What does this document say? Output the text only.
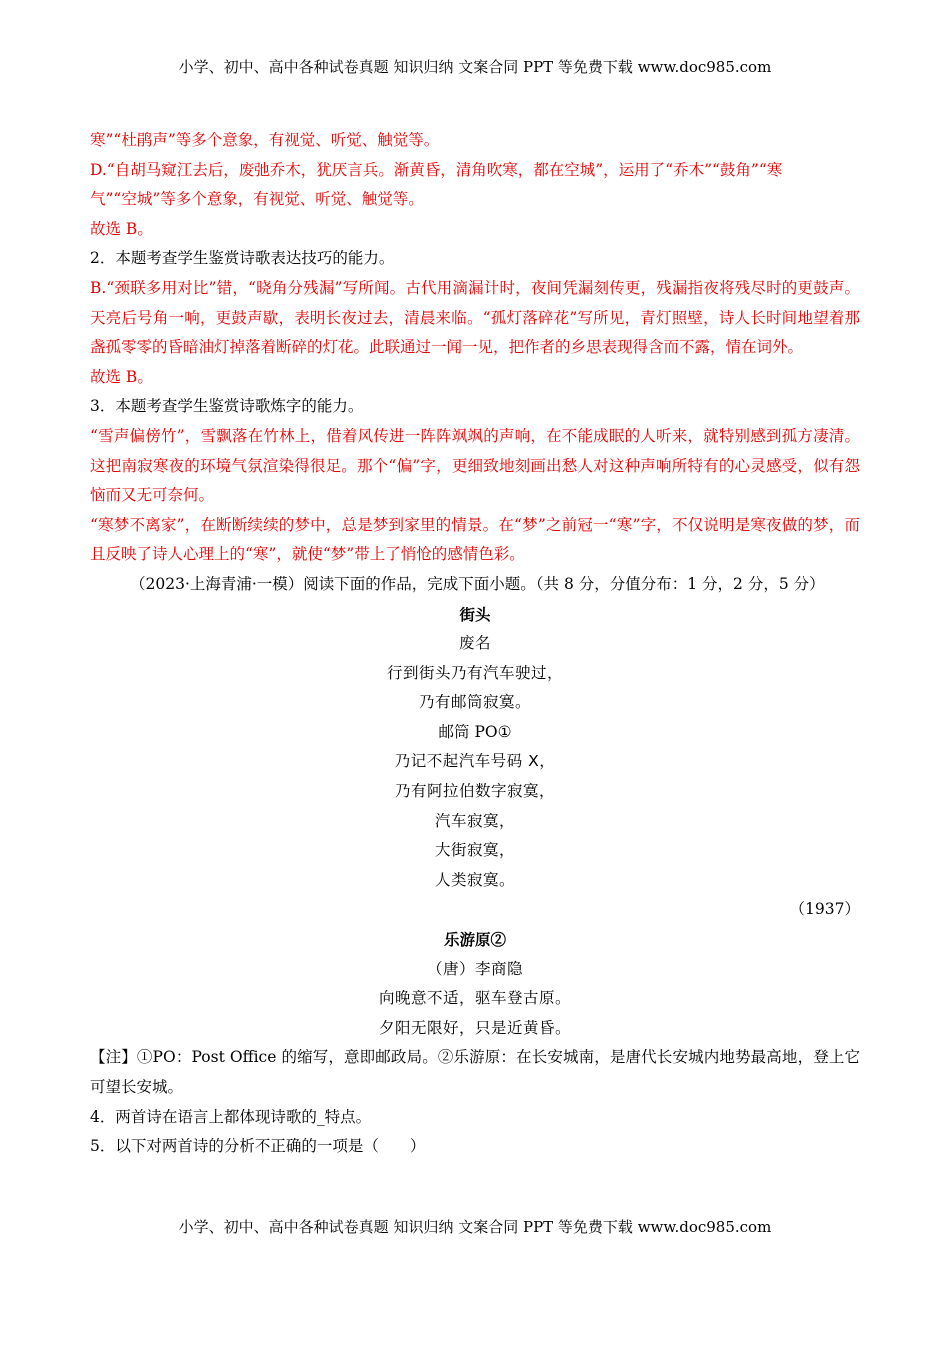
小学、初中、高中各种试卷真题 知识归纳 文案合同 PPT 等免费下载 www.doc985.com
寒”“杜鹃声”等多个意象，有视觉、听觉、触觉等。
D.“自胡马窥江去后，废弛乔木，犹厌言兵。渐黄昏，清角吹寒，都在空城”，运用了“乔木”“鼓角”“寒
气”“空城”等多个意象，有视觉、听觉、触觉等。
故选 B。
2．本题考查学生鉴赏诗歌表达技巧的能力。
B.“颈联多用对比”错，“晓角分残漏”写所闻。古代用滴漏计时，夜间凭漏刻传更，残漏指夜将残尽时的更鼓声。天亮后号角一响，更鼓声歇，表明长夜过去，清晨来临。“孤灯落碎花”写所见，青灯照壁，诗人长时间地望着那盏孤零零的昏暗油灯掉落着断碎的灯花。此联通过一闻一见，把作者的乡思表现得含而不露，情在词外。
故选 B。
3．本题考查学生鉴赏诗歌炼字的能力。
“雪声偏傍竹”，雪飘落在竹林上，借着风传进一阵阵飒飒的声响，在不能成眠的人听来，就特别感到孤方凄清。这把南寂寒夜的环境气氛渲染得很足。那个“偏”字，更细致地刻画出愁人对这种声响所特有的心灵感受，似有怨恼而又无可奈何。
“寒梦不离家”，在断断续续的梦中，总是梦到家里的情景。在“梦”之前冠一“寒”字，不仅说明是寒夜做的梦，而且反映了诗人心理上的“寒”，就使“梦”带上了悄怆的感情色彩。
（2023·上海青浦·一模）阅读下面的作品，完成下面小题。（共 8 分，分值分布：1 分，2 分，5 分）
街头
废名
行到街头乃有汽车驶过，
乃有邮筒寂寞。
邮筒 PO①
乃记不起汽车号码 X，
乃有阿拉伯数字寂寞，
汽车寂寞，
大街寂寞，
人类寂寞。
（1937）
乐游原②
（唐）李商隐
向晚意不适，驱车登古原。
夕阳无限好，只是近黄昏。
【注】①PO：Post Office 的缩写，意即邮政局。②乐游原：在长安城南，是唐代长安城内地势最高地，登上它可望长安城。
4．两首诗在语言上都体现诗歌的_特点。
5．以下对两首诗的分析不正确的一项是（　　）
小学、初中、高中各种试卷真题 知识归纳 文案合同 PPT 等免费下载 www.doc985.com
